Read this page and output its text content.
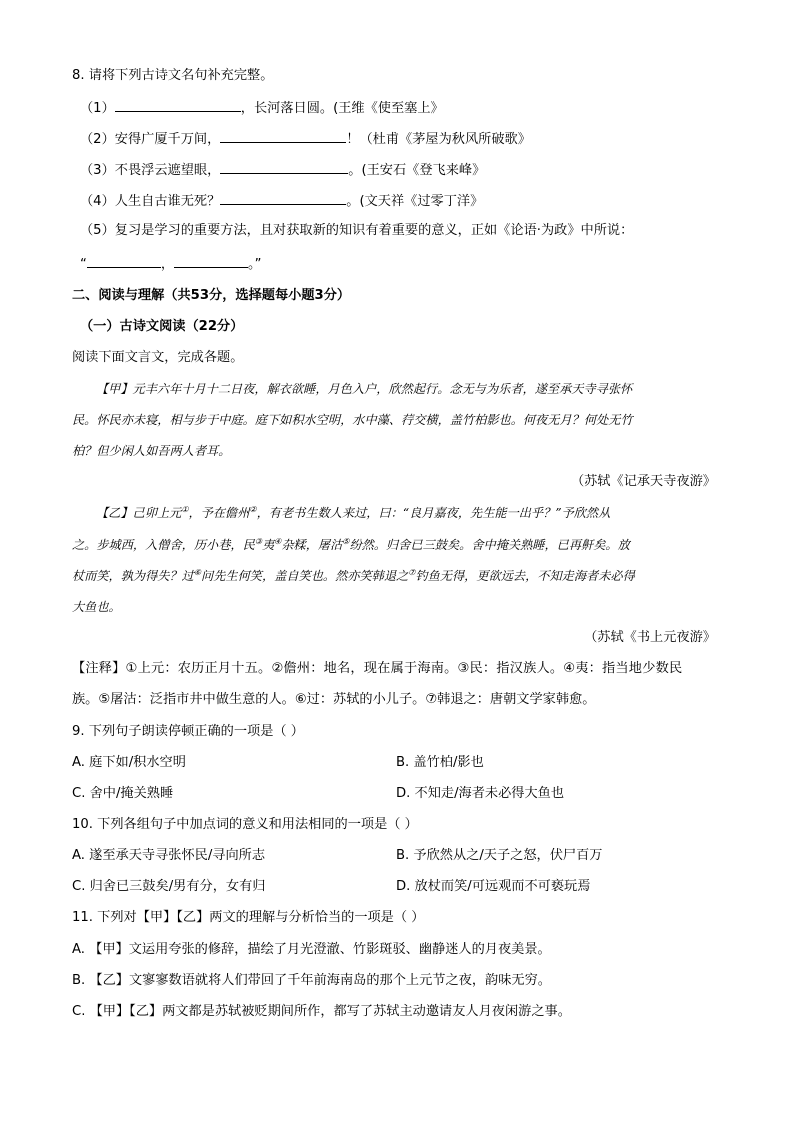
8. 请将下列古诗文名句补充完整。
（1）	，长河落日圆。(王维《使至塞上》
（2）安得广厦千万间，	！（杜甫《茅屋为秋风所破歌》
（3）不畏浮云遮望眼，	。(王安石《登飞来峰》
（4）人生自古谁无死？	。(文天祥《过零丁洋》
（5）复习是学习的重要方法，且对获取新的知识有着重要的意义，正如《论语·为政》中所说：
“	，	。”
二、阅读与理解（共53分，选择题每小题3分）
（一）古诗文阅读（22分）
阅读下面文言文，完成各题。
【甲】元丰六年十月十二日夜，解衣欲睡，月色入户，欣然起行。念无与为乐者，遂至承天寺寻张怀
民。怀民亦未寝，相与步于中庭。庭下如积水空明，水中藻、荇交横，盖竹柏影也。何夜无月？何处无竹
柏？但少闲人如吾两人者耳。
（苏轼《记承天寺夜游》
【乙】己卯上元①，予在儋州②，有老书生数人来过，曰：“良月嘉夜，先生能一出乎？”予欣然从
之。步城西，入僧舍，历小巷，民③夷④杂糅，屠沽⑤纷然。归舍已三鼓矣。舍中掩关熟睡，已再鼾矣。放
杖而笑，孰为得失？过⑥问先生何笑，盖自笑也。然亦笑韩退之⑦钓鱼无得，更欲远去，不知走海者未必得
大鱼也。
（苏轼《书上元夜游》
【注释】①上元：农历正月十五。②儋州：地名，现在属于海南。③民：指汉族人。④夷：指当地少数民
族。⑤屠沽：泛指市井中做生意的人。⑥过：苏轼的小儿子。⑦韩退之：唐朝文学家韩愈。
9. 下列句子朗读停顿正确的一项是（ ）
A. 庭下如/积水空明	B. 盖竹柏/影也
C. 舍中/掩关熟睡	D. 不知走/海者未必得大鱼也
10. 下列各组句子中加点词的意义和用法相同的一项是（ ）
A. 遂至承天寺寻张怀民/寻向所志	B. 予欣然从之/天子之怒，伏尸百万
C. 归舍已三鼓矣/男有分，女有归	D. 放杖而笑/可远观而不可亵玩焉
11. 下列对【甲】【乙】两文的理解与分析恰当的一项是（ ）
A. 【甲】文运用夸张的修辞，描绘了月光澄澈、竹影斑驳、幽静迷人的月夜美景。
B. 【乙】文寥寥数语就将人们带回了千年前海南岛的那个上元节之夜，韵味无穷。
C. 【甲】【乙】两文都是苏轼被贬期间所作，都写了苏轼主动邀请友人月夜闲游之事。
